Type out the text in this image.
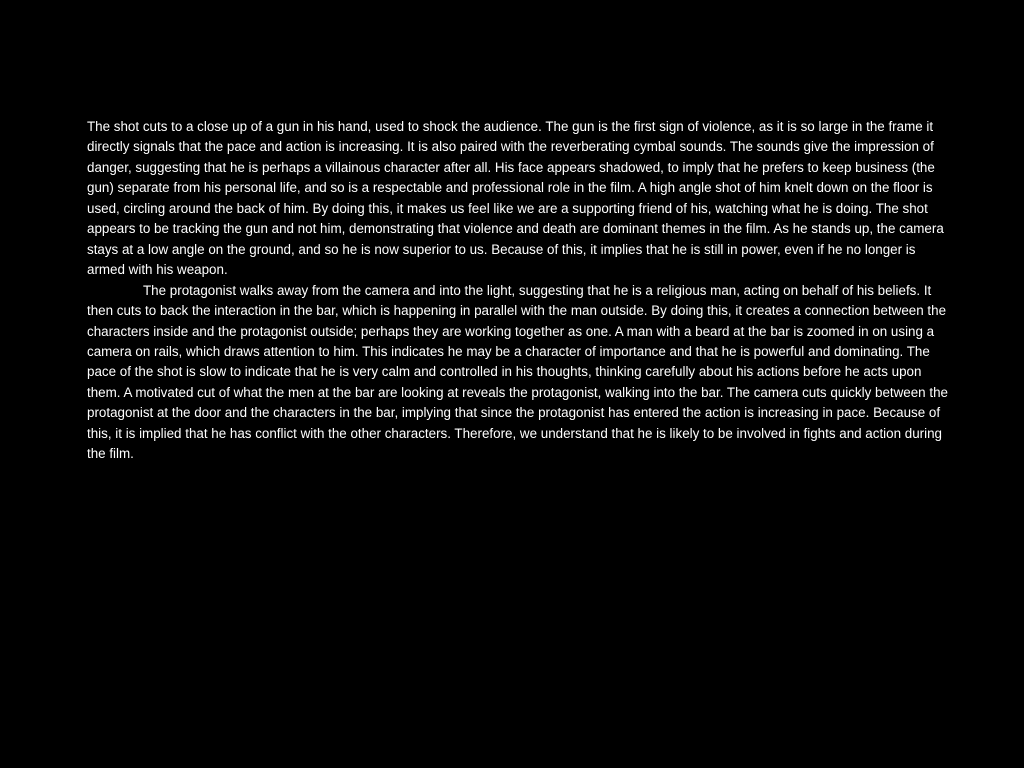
The shot cuts to a close up of a gun in his hand, used to shock the audience. The gun is the first sign of violence, as it is so large in the frame it directly signals that the pace and action is increasing. It is also paired with the reverberating cymbal sounds. The sounds give the impression of danger, suggesting that he is perhaps a villainous character after all. His face appears shadowed, to imply that he prefers to keep business (the gun) separate from his personal life, and so is a respectable and professional role in the film. A high angle shot of him knelt down on the floor is used, circling around the back of him. By doing this, it makes us feel like we are a supporting friend of his, watching what he is doing. The shot appears to be tracking the gun and not him, demonstrating that violence and death are dominant themes in the film. As he stands up, the camera stays at a low angle on the ground, and so he is now superior to us. Because of this, it implies that he is still in power, even if he no longer is armed with his weapon.

The protagonist walks away from the camera and into the light, suggesting that he is a religious man, acting on behalf of his beliefs. It then cuts to back the interaction in the bar, which is happening in parallel with the man outside. By doing this, it creates a connection between the characters inside and the protagonist outside; perhaps they are working together as one. A man with a beard at the bar is zoomed in on using a camera on rails, which draws attention to him. This indicates he may be a character of importance and that he is powerful and dominating. The pace of the shot is slow to indicate that he is very calm and controlled in his thoughts, thinking carefully about his actions before he acts upon them. A motivated cut of what the men at the bar are looking at reveals the protagonist, walking into the bar. The camera cuts quickly between the protagonist at the door and the characters in the bar, implying that since the protagonist has entered the action is increasing in pace. Because of this, it is implied that he has conflict with the other characters. Therefore, we understand that he is likely to be involved in fights and action during the film.
